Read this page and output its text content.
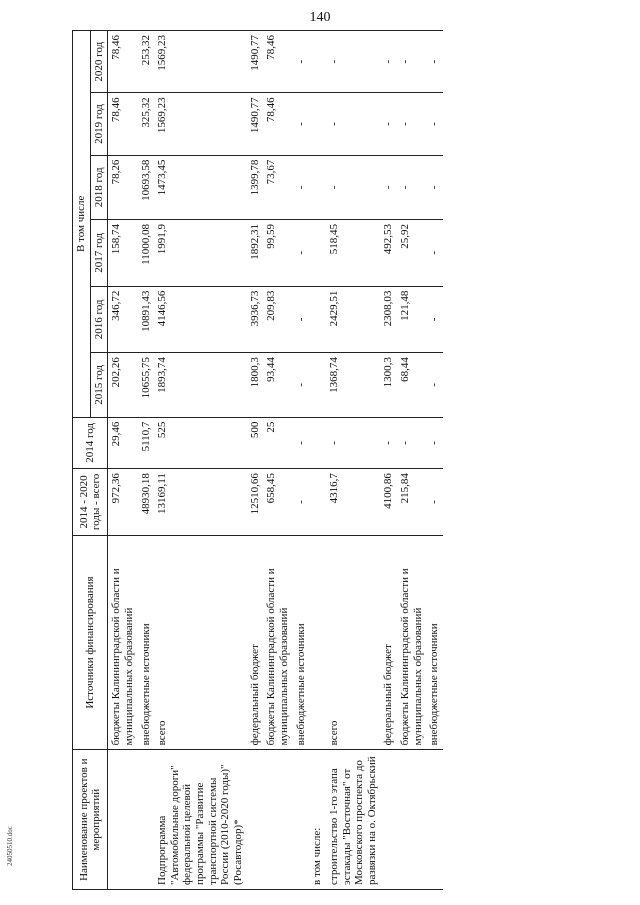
140
24050510.doc	Наименование проектов и мероприятий	Источники финансирования	2014 - 2020 годы - всего	2014 год	В том числе					
				2015 год	2016 год	2017 год	2018 год	2019 год	2020 год
	бюджеты Калининградской области и муниципальных образований	972,36	29,46	202,26	346,72	158,74	78,26	78,46	78,46
	внебюджетные источники	48930,18	5110,7	10655,75	10891,43	11000,08	10693,58	325,32	253,32
Подпрограмма "Автомобильные дороги" федеральной целевой программы "Развитие транспортной системы России (2010-2020 годы)" (Росавтодор)*	всего	13169,11	525	1893,74	4146,56	1991,9	1473,45	1569,23	1569,23
	федеральный бюджет	12510,66	500	1800,3	3936,73	1892,31	1399,78	1490,77	1490,77
	бюджеты Калининградской области и муниципальных образований	658,45	25	93,44	209,83	99,59	73,67	78,46	78,46
	внебюджетные источники	-	-	-	-	-	-	-	-
в том числе:									
строительство 1-го этапа эстакады "Восточная" от Московского проспекта до развязки на о. Октябрьский	всего	4316,7	-	1368,74	2429,51	518,45	-	-	-
	федеральный бюджет	4100,86	-	1300,3	2308,03	492,53	-	-	-
	бюджеты Калининградской области и муниципальных образований	215,84	-	68,44	121,48	25,92	-	-	-
	внебюджетные источники	-	-	-	-	-	-	-	-
